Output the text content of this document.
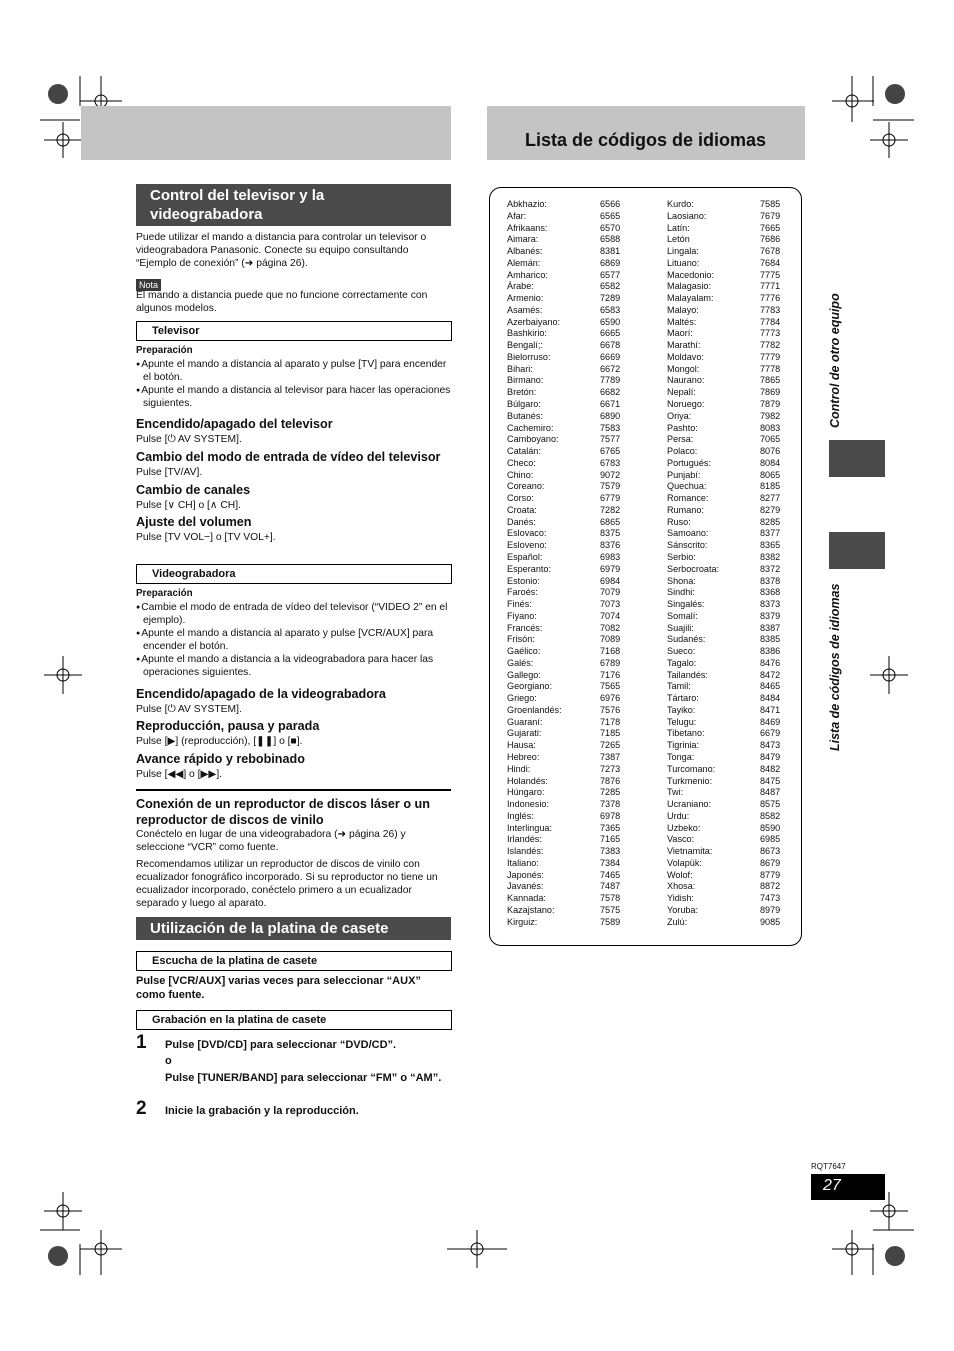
Lista de códigos de idiomas
Control del televisor y la videograbadora
Puede utilizar el mando a distancia para controlar un televisor o videograbadora Panasonic. Conecte su equipo consultando “Ejemplo de conexión” (➜ página 26).
Nota
El mando a distancia puede que no funcione correctamente con algunos modelos.
Televisor
Preparación
● Apunte el mando a distancia al aparato y pulse [TV] para encender el botón.
● Apunte el mando a distancia al televisor para hacer las operaciones siguientes.
Encendido/apagado del televisor
Pulse [⏻ AV SYSTEM].
Cambio del modo de entrada de vídeo del televisor
Pulse [TV/AV].
Cambio de canales
Pulse [∨ CH] o [∧ CH].
Ajuste del volumen
Pulse [TV VOL−] o [TV VOL+].
Videograbadora
Preparación
● Cambie el modo de entrada de vídeo del televisor (“VIDEO 2” en el ejemplo).
● Apunte el mando a distancia al aparato y pulse [VCR/AUX] para encender el botón.
● Apunte el mando a distancia a la videograbadora para hacer las operaciones siguientes.
Encendido/apagado de la videograbadora
Pulse [⏻ AV SYSTEM].
Reproducción, pausa y parada
Pulse [▶] (reproducción), [❚❚] o [■].
Avance rápido y rebobinado
Pulse [◀◀] o [▶▶].
Conexión de un reproductor de discos láser o un reproductor de discos de vinilo
Conéctelo en lugar de una videograbadora (➜ página 26) y seleccione “VCR” como fuente.
Recomendamos utilizar un reproductor de discos de vinilo con ecualizador fonográfico incorporado. Si su reproductor no tiene un ecualizador incorporado, conéctelo primero a un ecualizador separado y luego al aparato.
Utilización de la platina de casete
Escucha de la platina de casete
Pulse [VCR/AUX] varias veces para seleccionar “AUX” como fuente.
Grabación en la platina de casete
1 Pulse [DVD/CD] para seleccionar “DVD/CD”.
o
Pulse [TUNER/BAND] para seleccionar “FM” o “AM”.
2 Inicie la grabación y la reproducción.
Abkhazio:	6566
Afar:	6565
Afrikaans:	6570
Aimara:	6588
Albanés:	8381
Alemán:	6869
Amharico:	6577
Árabe:	6582
Armenio:	7289
Asamés:	6583
Azerbaiyano:	6590
Bashkirio:	6665
Bengalí;:	6678
Bielorruso:	6669
Bihari:	6672
Birmano:	7789
Bretón:	6682
Búlgaro:	6671
Butanés:	6890
Cachemiro:	7583
Camboyano:	7577
Catalán:	6765
Checo:	6783
Chino:	9072
Coreano:	7579
Corso:	6779
Croata:	7282
Danés:	6865
Eslovaco:	8375
Esloveno:	8376
Español:	6983
Esperanto:	6979
Estonio:	6984
Faroés:	7079
Finés:	7073
Fiyano:	7074
Francés:	7082
Frisón:	7089
Gaélico:	7168
Galés:	6789
Gallego:	7176
Georgiano:	7565
Griego:	6976
Groenlandés:	7576
Guaraní:	7178
Gujarati:	7185
Hausa:	7265
Hebreo:	7387
Hindi:	7273
Holandés:	7876
Húngaro:	7285
Indonesio:	7378
Inglés:	6978
Interlingua:	7365
Irlandés:	7165
Islandés:	7383
Italiano:	7384
Japonés:	7465
Javanés:	7487
Kannada:	7578
Kazajstano:	7575
Kirguiz:	7589
Kurdo:	7585
Laosiano:	7679
Latín:	7665
Letón	7686
Lingala:	7678
Lituano:	7684
Macedonio:	7775
Malagasio:	7771
Malayalam:	7776
Malayo:	7783
Maltés:	7784
Maorí:	7773
Marathí:	7782
Moldavo:	7779
Mongol:	7778
Naurano:	7865
Nepalí:	7869
Noruego:	7879
Oriya:	7982
Pashto:	8083
Persa:	7065
Polaco:	8076
Portugués:	8084
Punjabí:	8065
Quechua:	8185
Romance:	8277
Rumano:	8279
Ruso:	8285
Samoano:	8377
Sánscrito:	8365
Serbio:	8382
Serbocroata:	8372
Shona:	8378
Sindhi:	8368
Singalés:	8373
Somalí:	8379
Suajili:	8387
Sudanés:	8385
Sueco:	8386
Tagalo:	8476
Tailandés:	8472
Tamil:	8465
Tártaro:	8484
Tayiko:	8471
Telugu:	8469
Tibetano:	6679
Tigrinia:	8473
Tonga:	8479
Turcomano:	8482
Turkmenio:	8475
Twi:	8487
Ucraniano:	8575
Urdu:	8582
Uzbeko:	8590
Vasco:	6985
Vietnamita:	8673
Volapük:	8679
Wolof:	8779
Xhosa:	8872
Yidish:	7473
Yoruba:	8979
Zulú:	9085
Control de otro equipo
Lista de códigos de idiomas
RQT7647
27
